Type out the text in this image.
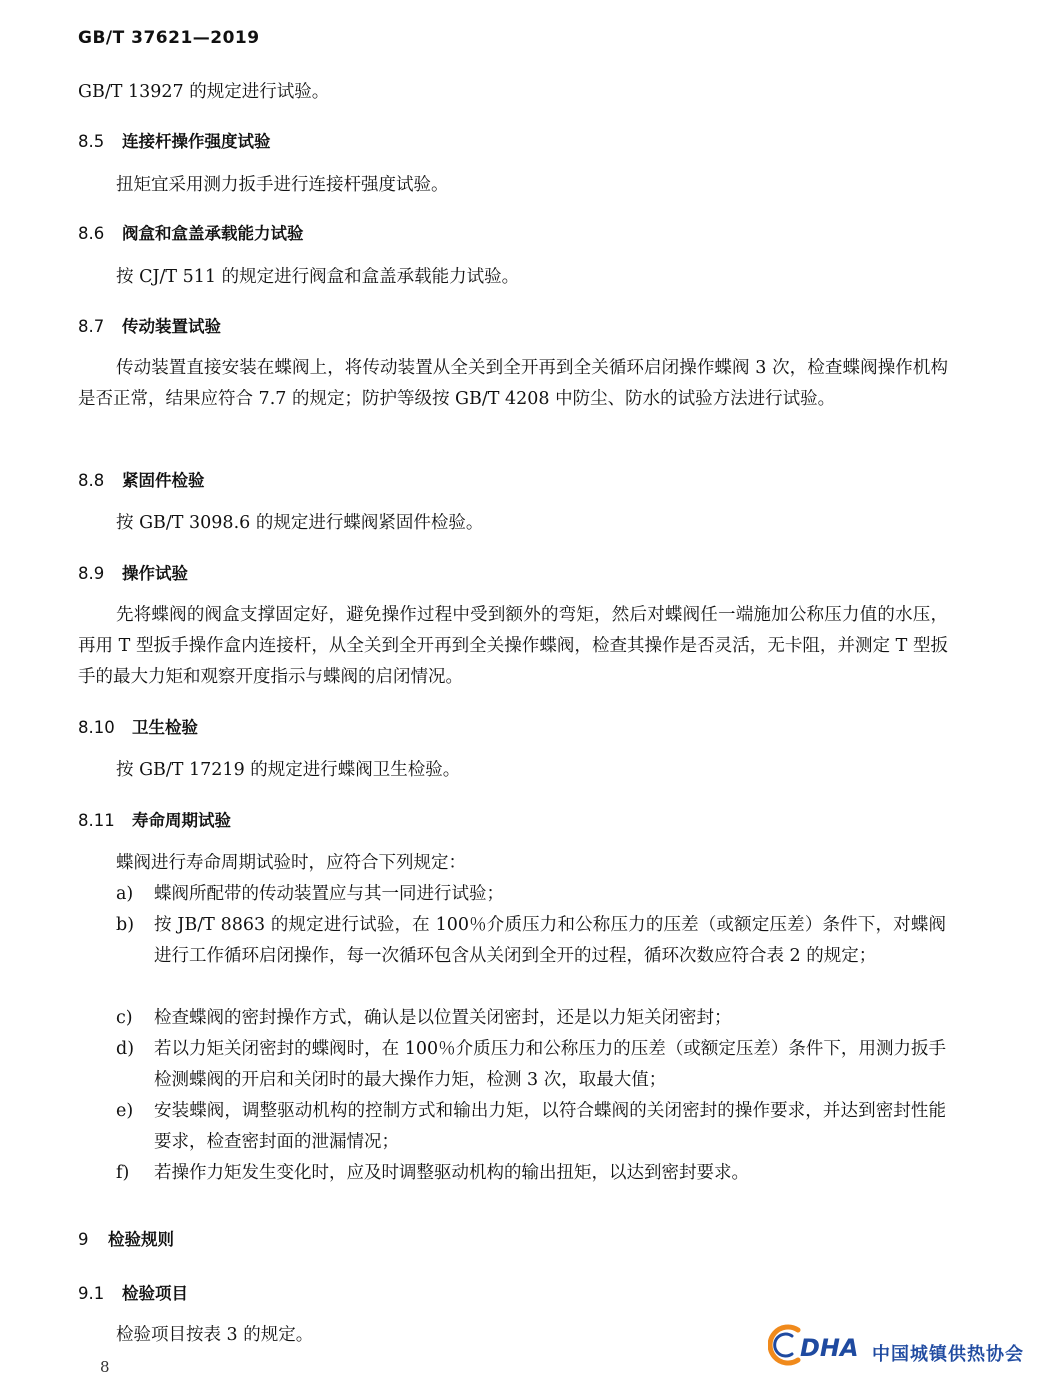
GB/T 37621—2019
GB/T 13927 的规定进行试验。
8.5 连接杆操作强度试验
扭矩宜采用测力扳手进行连接杆强度试验。
8.6 阀盒和盒盖承载能力试验
按 CJ/T 511 的规定进行阀盒和盒盖承载能力试验。
8.7 传动装置试验
传动装置直接安装在蝶阀上，将传动装置从全关到全开再到全关循环启闭操作蝶阀 3 次，检查蝶阀操作机构是否正常，结果应符合 7.7 的规定；防护等级按 GB/T 4208 中防尘、防水的试验方法进行试验。
8.8 紧固件检验
按 GB/T 3098.6 的规定进行蝶阀紧固件检验。
8.9 操作试验
先将蝶阀的阀盒支撑固定好，避免操作过程中受到额外的弯矩，然后对蝶阀任一端施加公称压力值的水压，再用 T 型扳手操作盒内连接杆，从全关到全开再到全关操作蝶阀，检查其操作是否灵活，无卡阻，并测定 T 型扳手的最大力矩和观察开度指示与蝶阀的启闭情况。
8.10 卫生检验
按 GB/T 17219 的规定进行蝶阀卫生检验。
8.11 寿命周期试验
蝶阀进行寿命周期试验时，应符合下列规定：
a) 蝶阀所配带的传动装置应与其一同进行试验；
b) 按 JB/T 8863 的规定进行试验，在 100％介质压力和公称压力的压差（或额定压差）条件下，对蝶阀进行工作循环启闭操作，每一次循环包含从关闭到全开的过程，循环次数应符合表 2 的规定；
c) 检查蝶阀的密封操作方式，确认是以位置关闭密封，还是以力矩关闭密封；
d) 若以力矩关闭密封的蝶阀时，在 100％介质压力和公称压力的压差（或额定压差）条件下，用测力扳手检测蝶阀的开启和关闭时的最大操作力矩，检测 3 次，取最大值；
e) 安装蝶阀，调整驱动机构的控制方式和输出力矩，以符合蝶阀的关闭密封的操作要求，并达到密封性能要求，检查密封面的泄漏情况；
f) 若操作力矩发生变化时，应及时调整驱动机构的输出扭矩，以达到密封要求。
9 检验规则
9.1 检验项目
检验项目按表 3 的规定。
8
DHA 中国城镇供热协会
